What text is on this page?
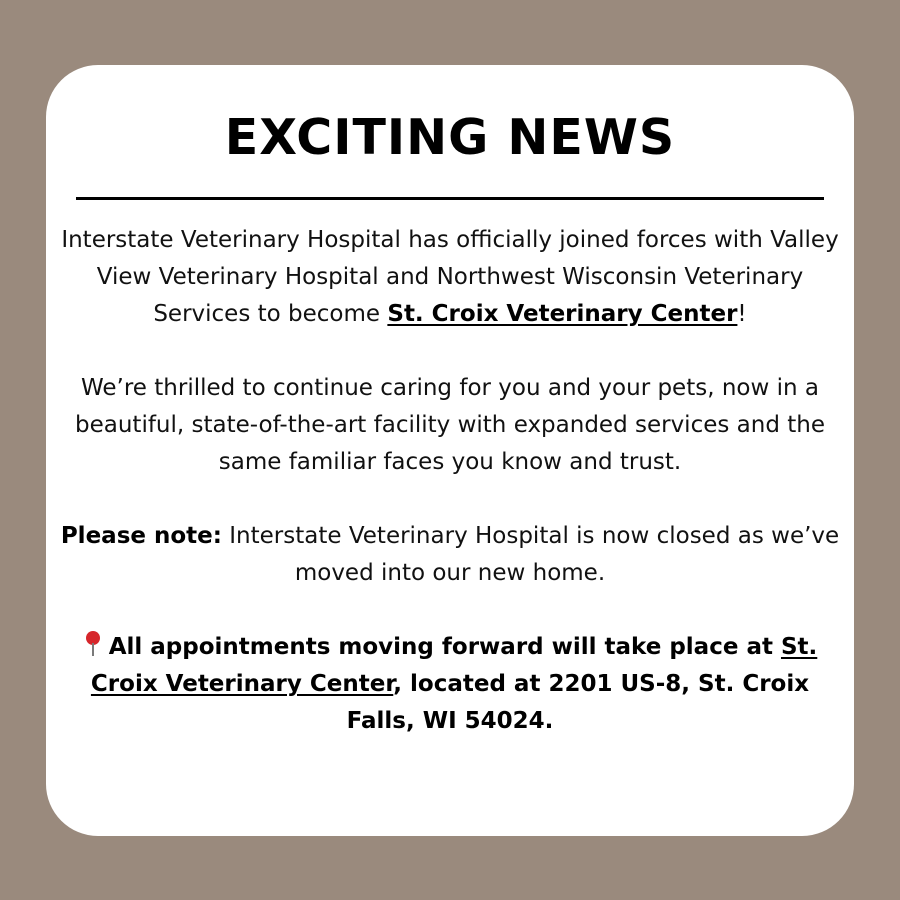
EXCITING NEWS

Interstate Veterinary Hospital has officially joined forces with Valley View Veterinary Hospital and Northwest Wisconsin Veterinary Services to become St. Croix Veterinary Center!

We’re thrilled to continue caring for you and your pets, now in a beautiful, state-of-the-art facility with expanded services and the same familiar faces you know and trust.

Please note: Interstate Veterinary Hospital is now closed as we’ve moved into our new home.

All appointments moving forward will take place at St. Croix Veterinary Center, located at 2201 US-8, St. Croix Falls, WI 54024.
